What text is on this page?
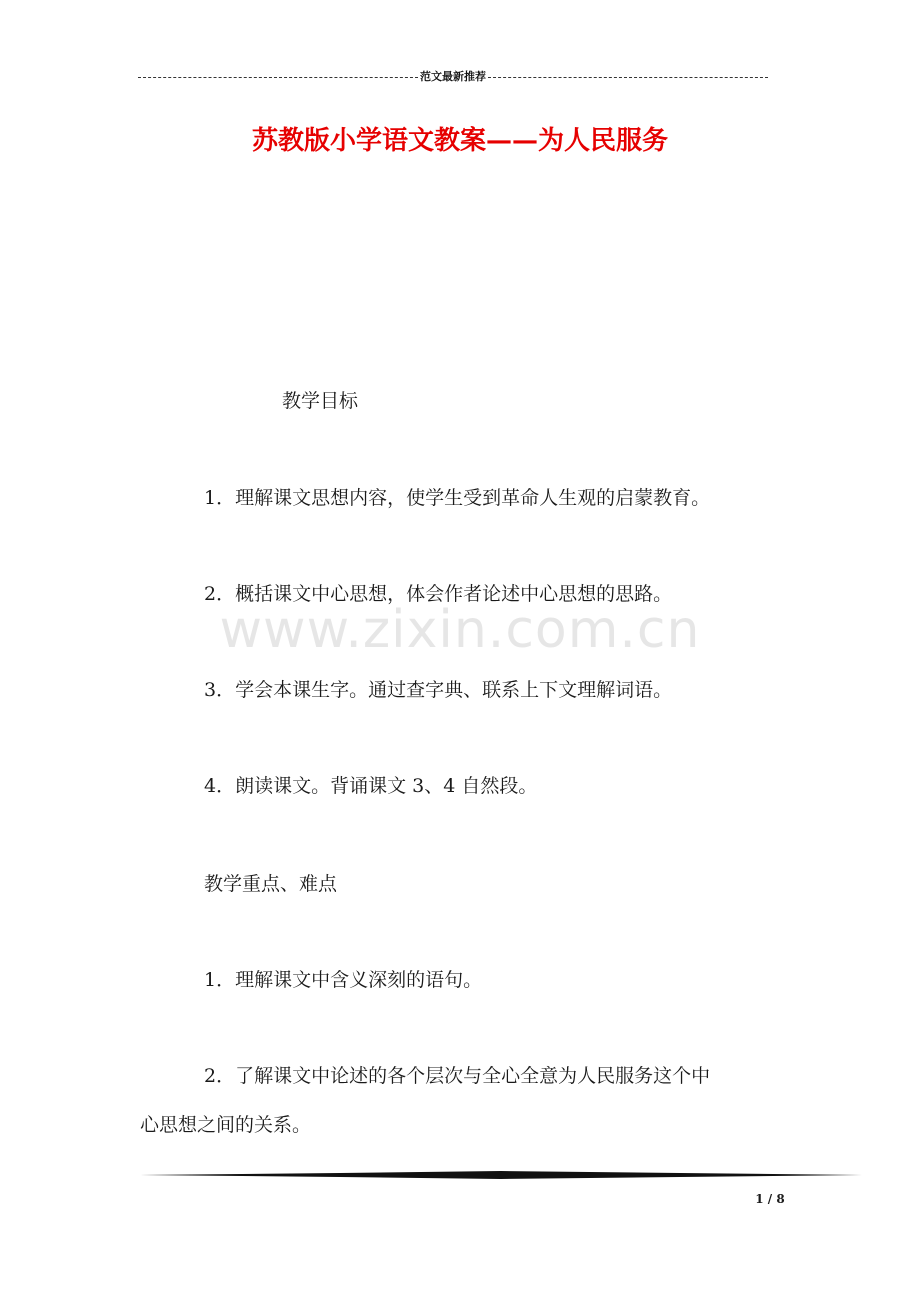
范文最新推荐
苏教版小学语文教案——为人民服务
www.zixin.com.cn
教学目标
1．理解课文思想内容，使学生受到革命人生观的启蒙教育。
2．概括课文中心思想，体会作者论述中心思想的思路。
3．学会本课生字。通过查字典、联系上下文理解词语。
4．朗读课文。背诵课文 3、4 自然段。
教学重点、难点
1．理解课文中含义深刻的语句。
2．了解课文中论述的各个层次与全心全意为人民服务这个中
心思想之间的关系。
1 / 8
